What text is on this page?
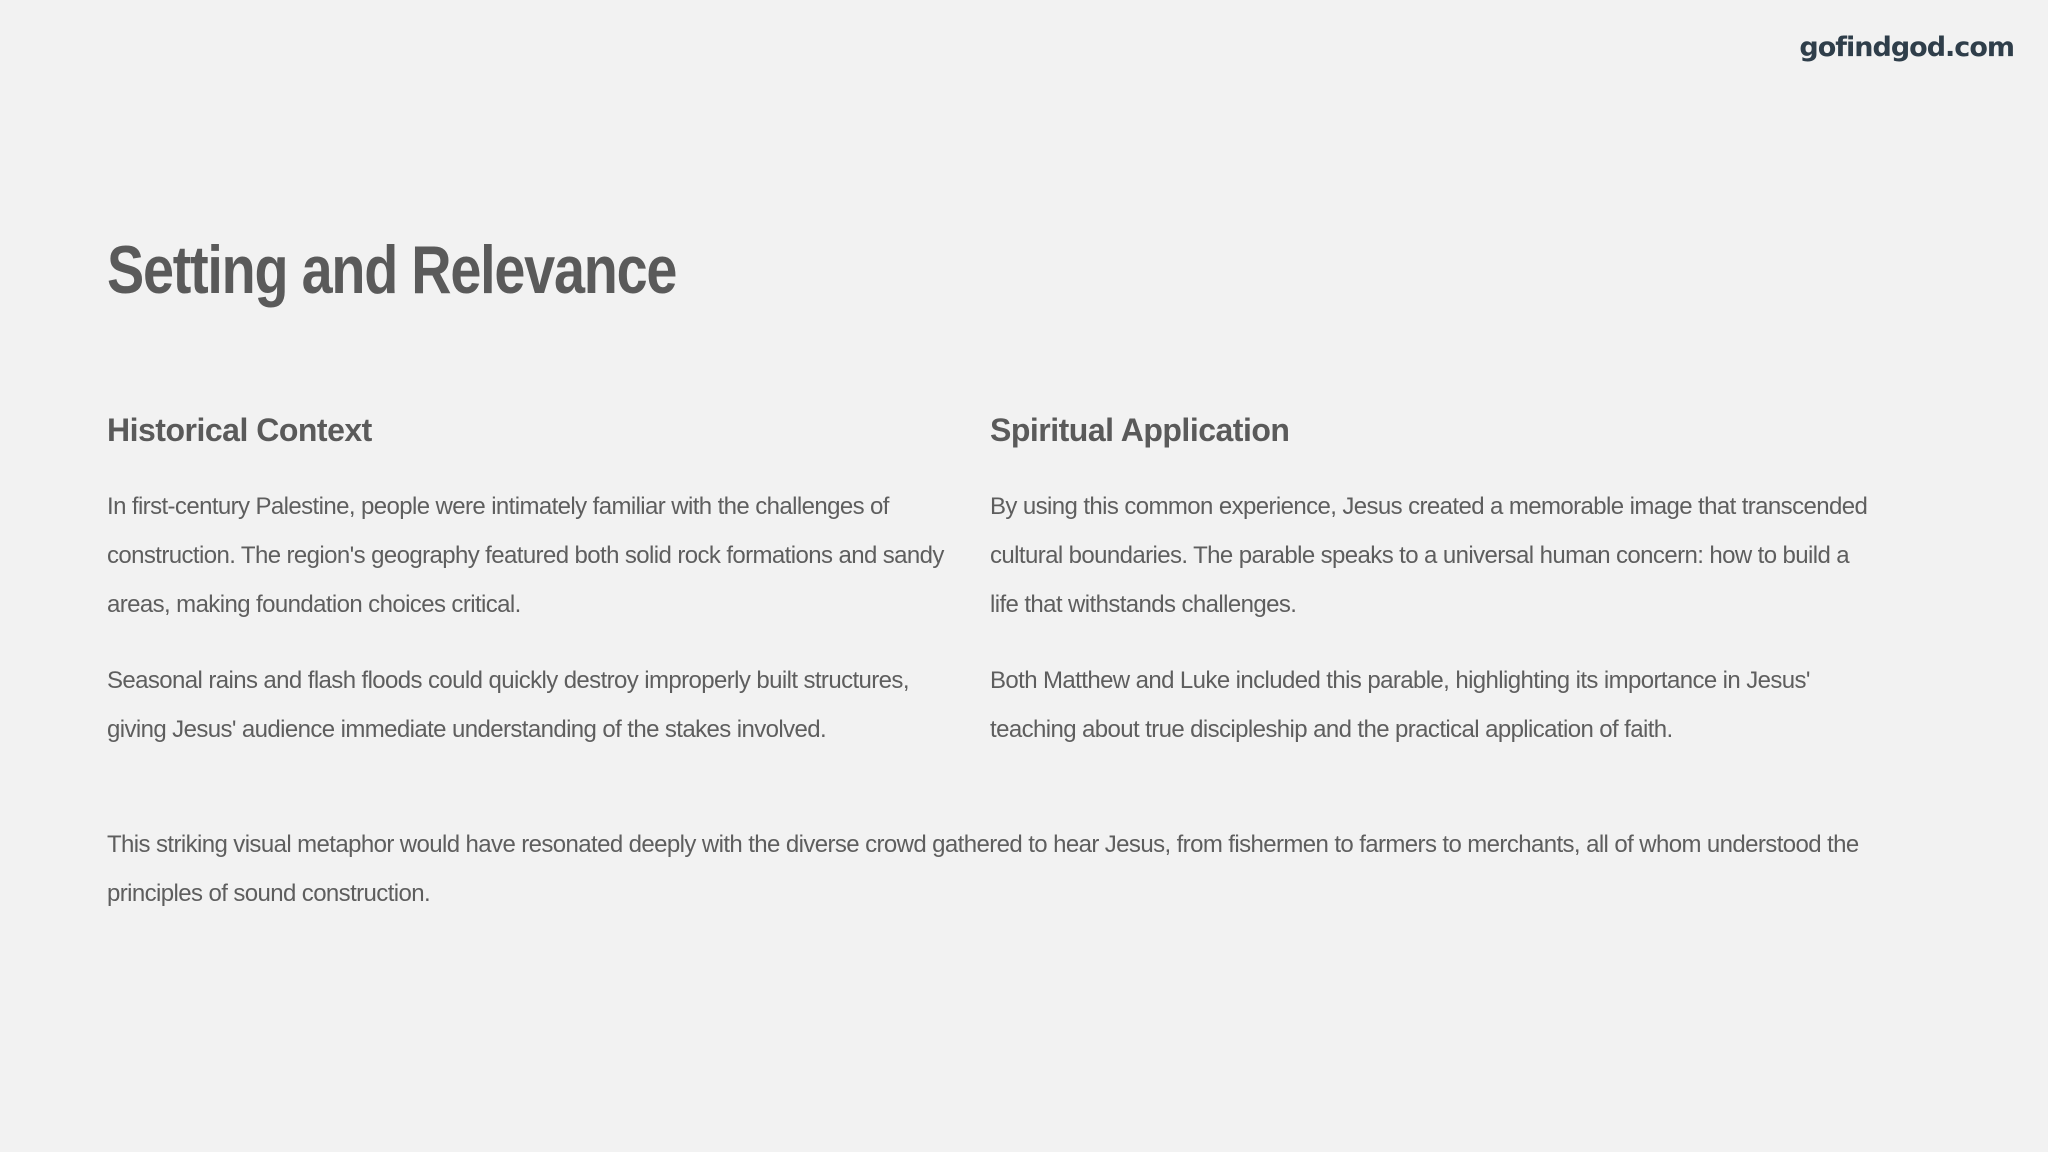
gofindgod.com
Setting and Relevance
Historical Context

In first-century Palestine, people were intimately familiar with the challenges of construction. The region's geography featured both solid rock formations and sandy areas, making foundation choices critical.

Seasonal rains and flash floods could quickly destroy improperly built structures, giving Jesus' audience immediate understanding of the stakes involved.

Spiritual Application

By using this common experience, Jesus created a memorable image that transcended cultural boundaries. The parable speaks to a universal human concern: how to build a life that withstands challenges.

Both Matthew and Luke included this parable, highlighting its importance in Jesus' teaching about true discipleship and the practical application of faith.

This striking visual metaphor would have resonated deeply with the diverse crowd gathered to hear Jesus, from fishermen to farmers to merchants, all of whom understood the principles of sound construction.
